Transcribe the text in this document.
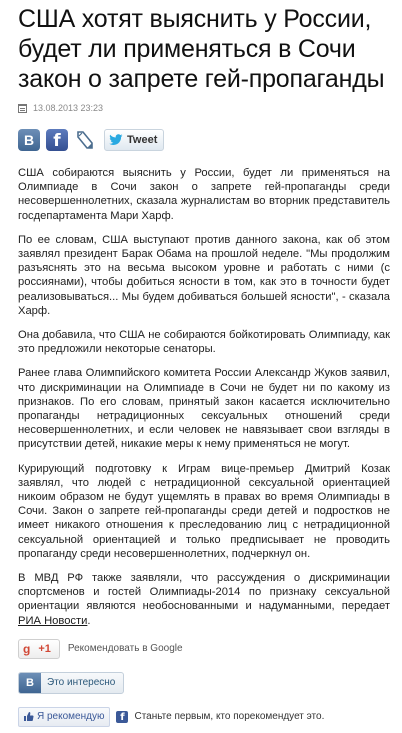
США хотят выяснить у России, будет ли применяться в Сочи закон о запрете гей-пропаганды
13.08.2013 23:23
B f	Tweet

США собираются выяснить у России, будет ли применяться на Олимпиаде в Сочи закон о запрете гей-пропаганды среди несовершеннолетних, сказала журналистам во вторник представитель госдепартамента Мари Харф.

По ее словам, США выступают против данного закона, как об этом заявлял президент Барак Обама на прошлой неделе. "Мы продолжим разъяснять это на весьма высоком уровне и работать с ними (с россиянами), чтобы добиться ясности в том, как это в точности будет реализовываться... Мы будем добиваться большей ясности", - сказала Харф.

Она добавила, что США не собираются бойкотировать Олимпиаду, как это предложили некоторые сенаторы.

Ранее глава Олимпийского комитета России Александр Жуков заявил, что дискриминации на Олимпиаде в Сочи не будет ни по какому из признаков. По его словам, принятый закон касается исключительно пропаганды нетрадиционных сексуальных отношений среди несовершеннолетних, и если человек не навязывает свои взгляды в присутствии детей, никакие меры к нему применяться не могут.

Курирующий подготовку к Играм вице-премьер Дмитрий Козак заявлял, что людей с нетрадиционной сексуальной ориентацией никоим образом не будут ущемлять в правах во время Олимпиады в Сочи. Закон о запрете гей-пропаганды среди детей и подростков не имеет никакого отношения к преследованию лиц с нетрадиционной сексуальной ориентацией и только предписывает не проводить пропаганду среди несовершеннолетних, подчеркнул он.

В МВД РФ также заявляли, что рассуждения о дискриминации спортсменов и гостей Олимпиады-2014 по признаку сексуальной ориентации являются необоснованными и надуманными, передает РИА Новости.

g +1 Рекомендовать в Google
B	Это интересно
Я рекомендую	f Станьте первым, кто порекомендует это.
